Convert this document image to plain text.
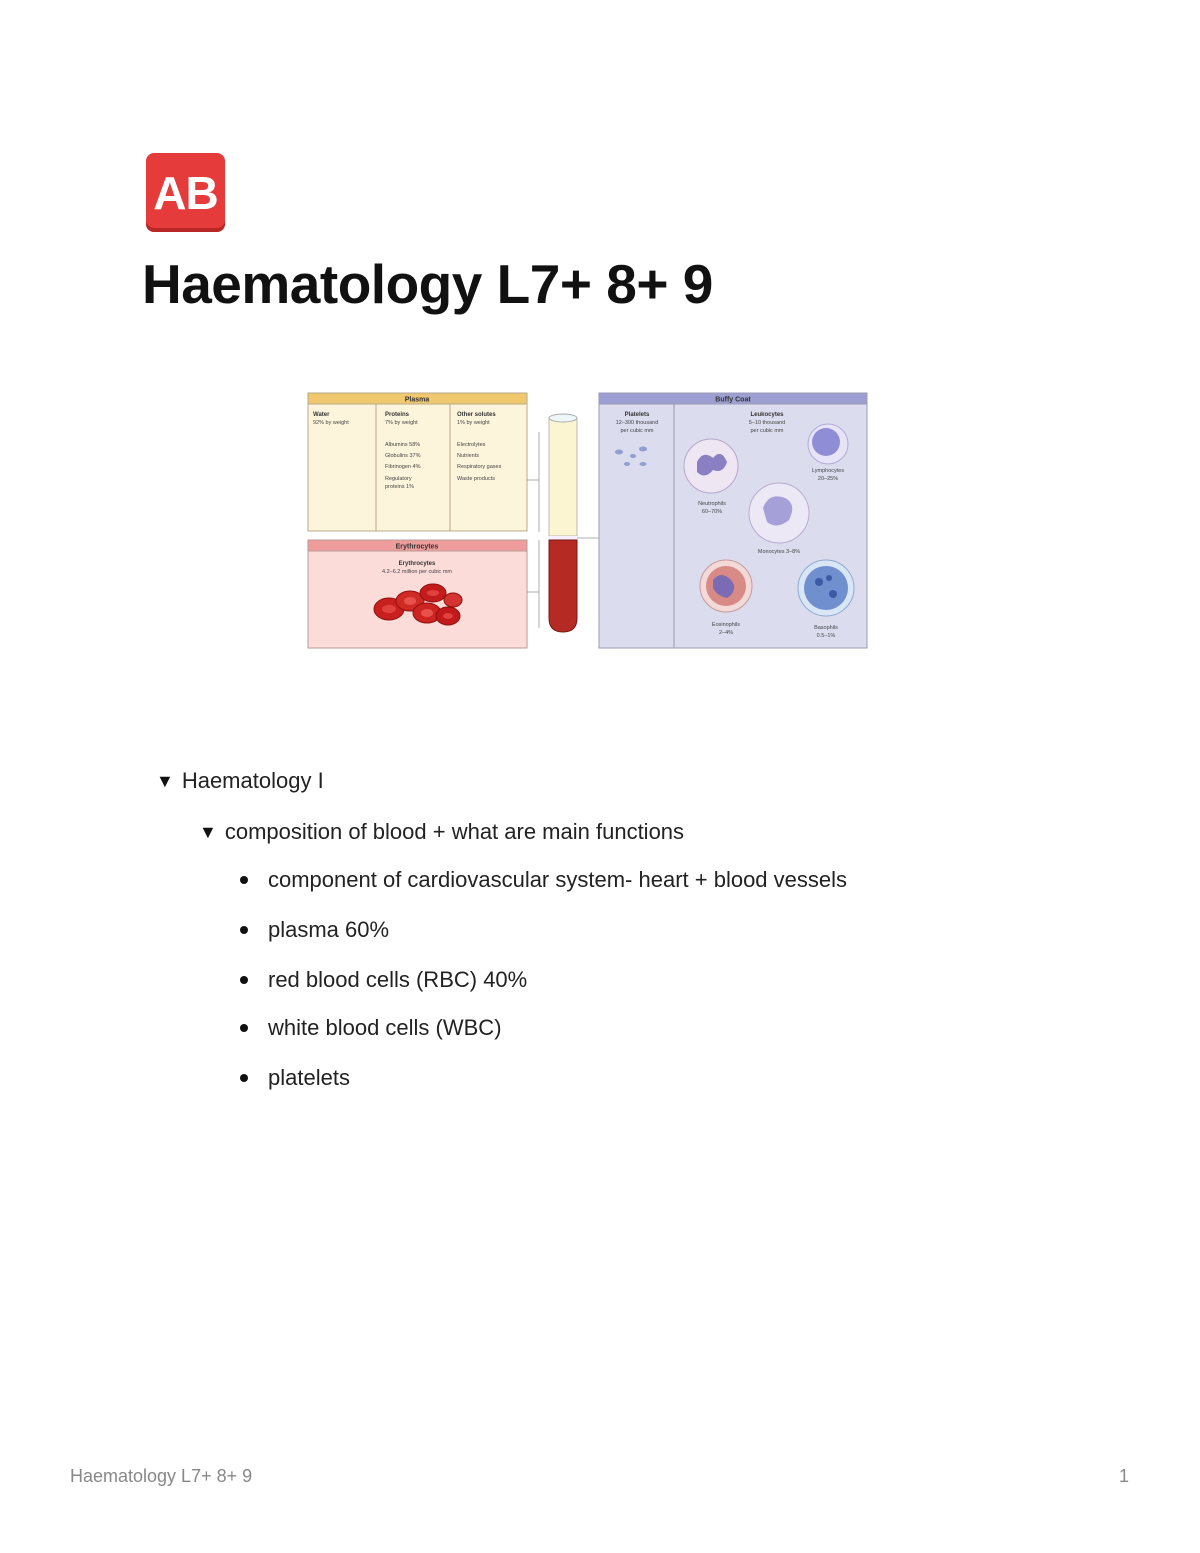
AB
Haematology L7+ 8+ 9
Plasma
Water
92% by weight
Proteins
7% by weight
Albumins 58%
Globulins 37%
Fibrinogen 4%
Regulatory
proteins 1%
Other solutes
1% by weight
Electrolytes
Nutrients
Respiratory gases
Waste products
Erythrocytes
Erythrocytes
4.2–6.2 million per cubic mm
Buffy Coat
Platelets
12–300 thousand
per cubic mm
Leukocytes
5–10 thousand
per cubic mm
Neutrophils
60–70%
Lymphocytes
20–25%
Monocytes 3–8%
Eosinophils
2–4%
Basophils
0.5–1%
▼ Haematology I
▼ composition of blood + what are main functions
component of cardiovascular system- heart + blood vessels
plasma 60%
red blood cells (RBC) 40%
white blood cells (WBC)
platelets
Haematology L7+ 8+ 9	1
